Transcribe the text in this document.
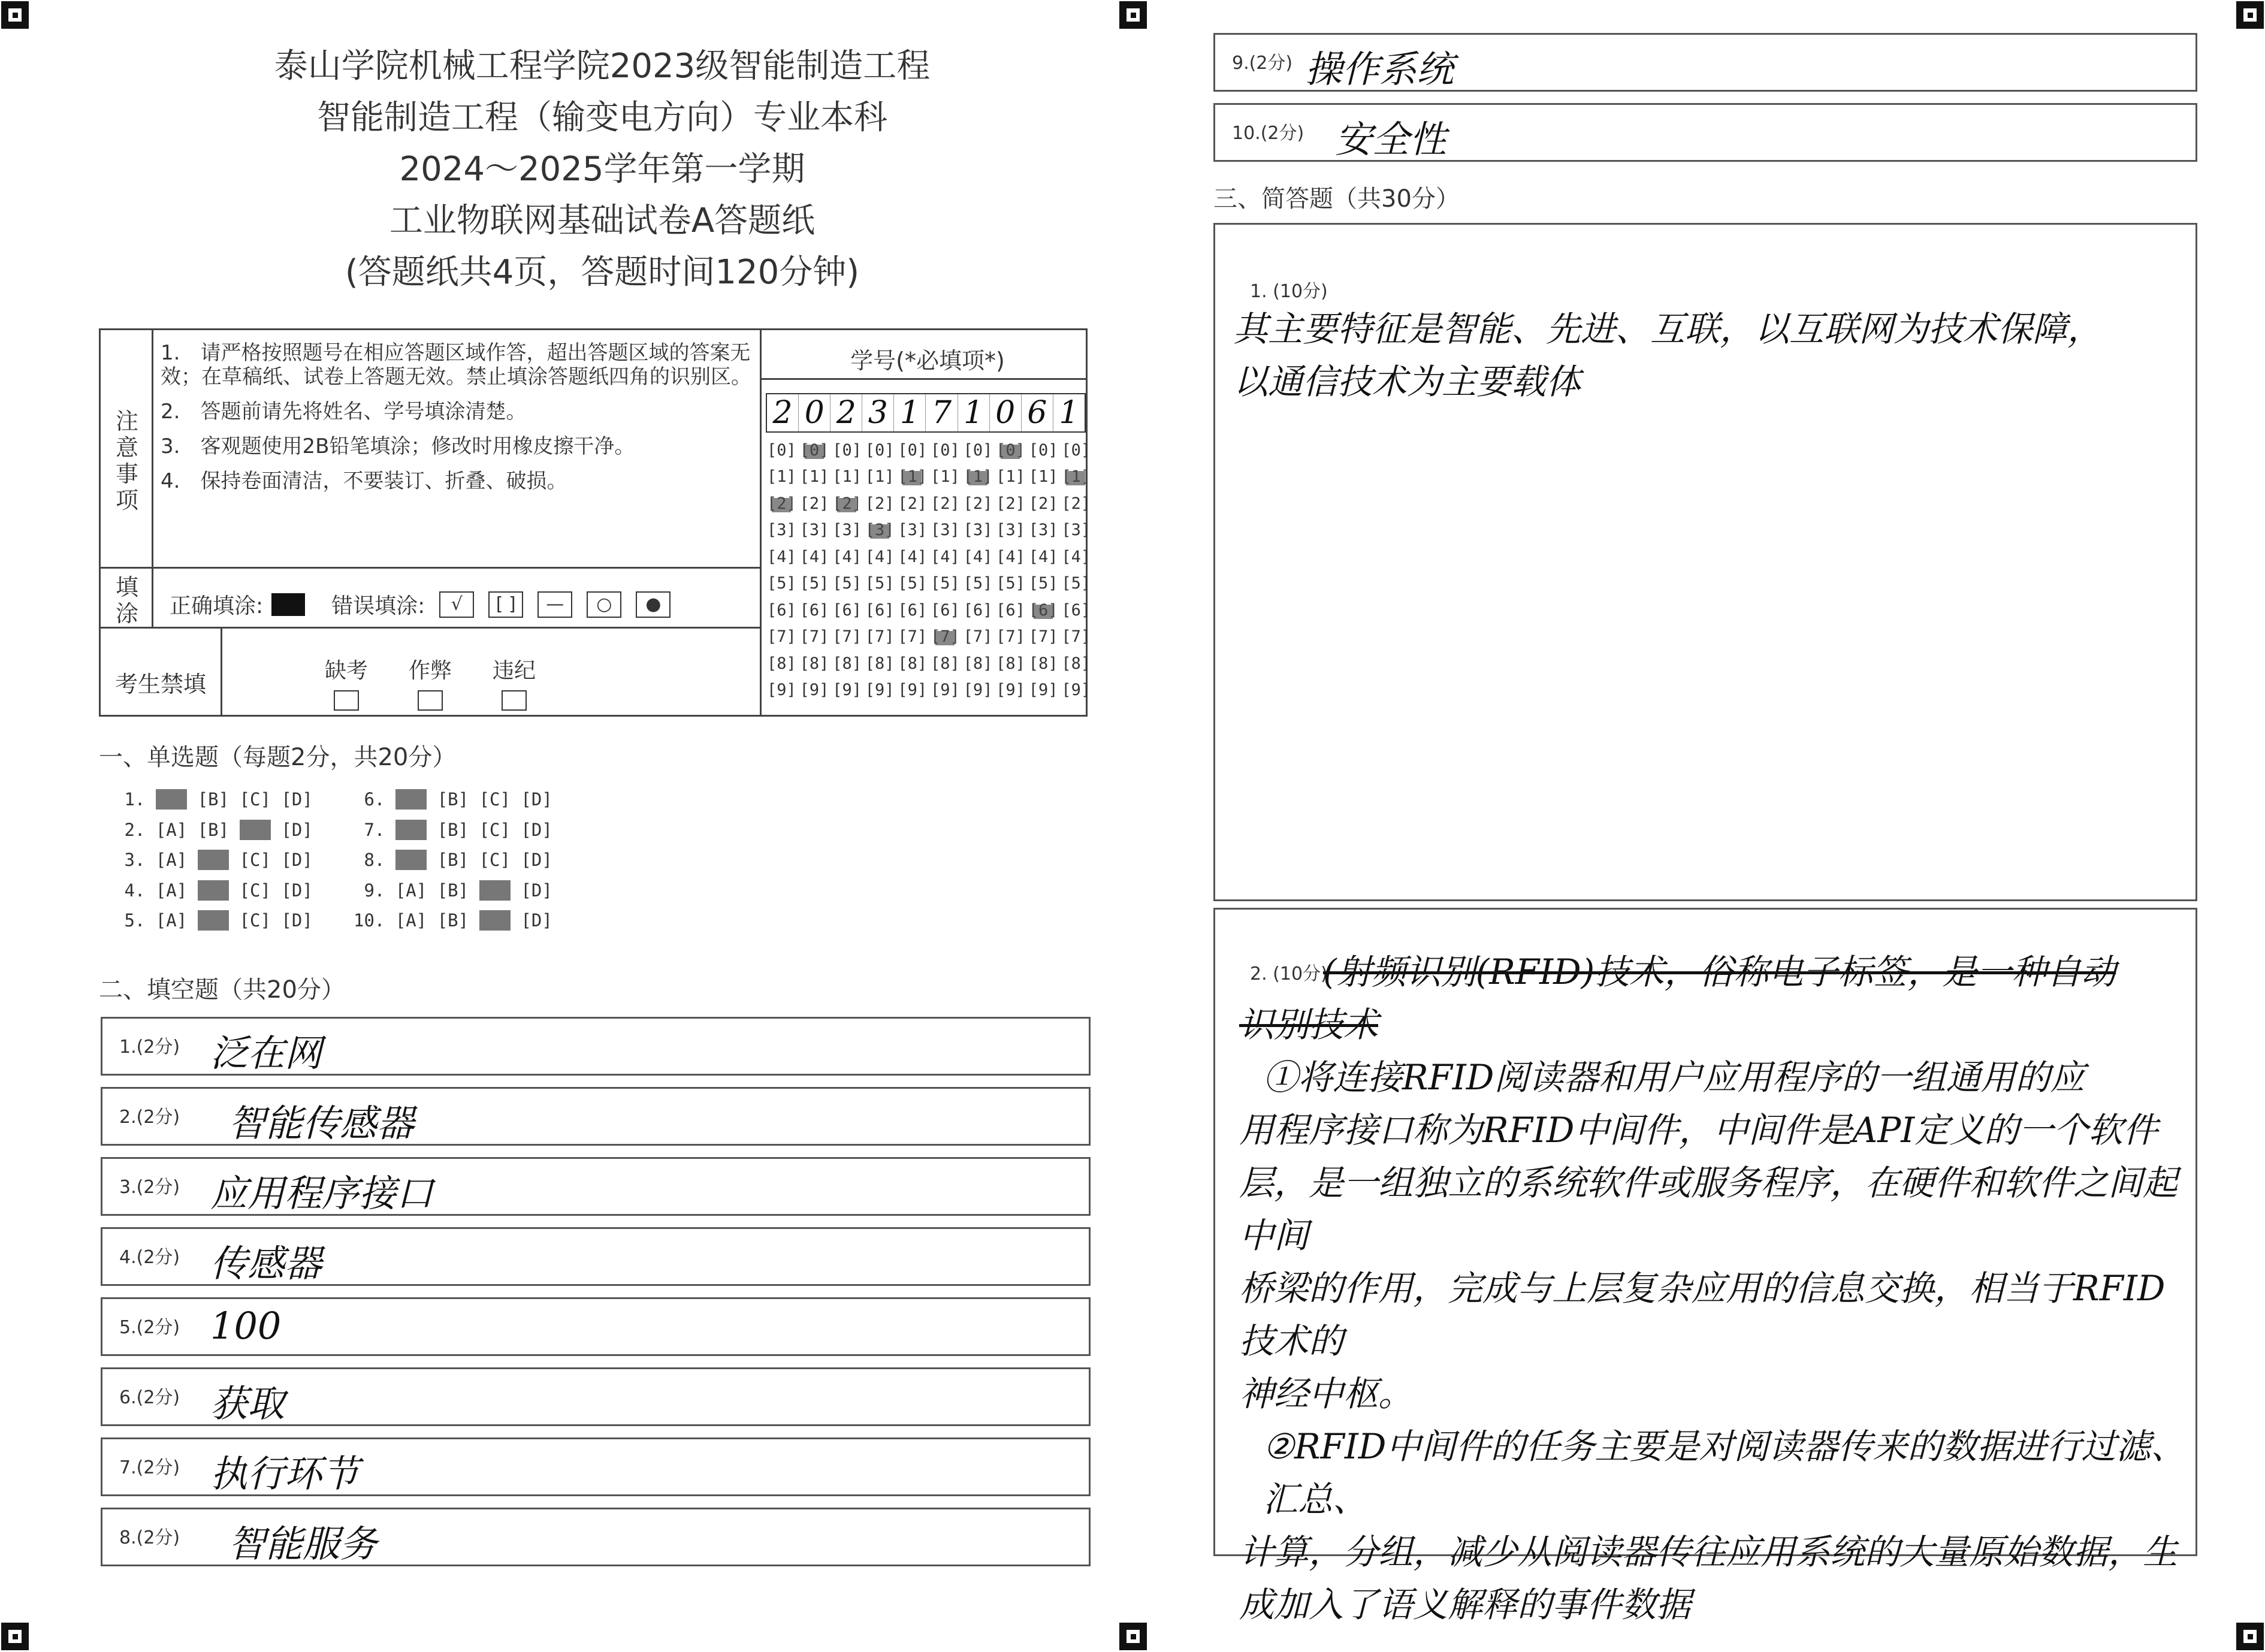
泰山学院机械工程学院2023级智能制造工程
智能制造工程（输变电方向）专业本科
2024～2025学年第一学期
工业物联网基础试卷A答题纸
(答题纸共4页，答题时间120分钟)
注意事项

1.　请严格按照题号在相应答题区域作答，超出答题区域的答案无效；在草稿纸、试卷上答题无效。禁止填涂答题纸四角的识别区。

2.　答题前请先将姓名、学号填涂清楚。

3.　客观题使用2B铅笔填涂；修改时用橡皮擦干净。

4.　保持卷面清洁，不要装订、折叠、破损。

填涂 正确填涂:	错误填涂:	√	[ ]	—	○	●
考生禁填
缺考	作弊	违纪
学号(*必填项*)
2 0 2 3 1 7 1 0 6 1
[0] [0] [0] [0] [0] [0] [0] [0] [0] [0]
[1] [1] [1] [1] [1] [1] [1] [1] [1] [1]
[2] [2] [2] [2] [2] [2] [2] [2] [2] [2]
[3] [3] [3] [3] [3] [3] [3] [3] [3] [3]
[4] [4] [4] [4] [4] [4] [4] [4] [4] [4]
[5] [5] [5] [5] [5] [5] [5] [5] [5] [5]
[6] [6] [6] [6] [6] [6] [6] [6] [6] [6]
[7] [7] [7] [7] [7] [7] [7] [7] [7] [7]
[8] [8] [8] [8] [8] [8] [8] [8] [8] [8]
[9] [9] [9] [9] [9] [9] [9] [9] [9] [9]
一、单选题（每题2分，共20分）
1. [A] [B] [C] [D]
2. [A] [B] [C] [D]
3. [A] [B] [C] [D]
4. [A] [B] [C] [D]
5. [A] [B] [C] [D]
6. [A] [B] [C] [D]
7. [A] [B] [C] [D]
8. [A] [B] [C] [D]
9. [A] [B] [C] [D]
10. [A] [B] [C] [D]
二、填空题（共20分）
1.(2分) 泛在网
2.(2分) 智能传感器
3.(2分) 应用程序接口
4.(2分) 传感器
5.(2分) 100
6.(2分) 获取
7.(2分) 执行环节
8.(2分) 智能服务
9.(2分) 操作系统
10.(2分) 安全性
三、简答题（共30分）
1. (10分)
其主要特征是智能、先进、互联，以互联网为技术保障，
以通信技术为主要载体
2. (10分)
(射频识别(RFID)技术，俗称电子标签，是一种自动
识别技术
①将连接RFID阅读器和用户应用程序的一组通用的应
用程序接口称为RFID中间件，中间件是API定义的一个软件
层，是一组独立的系统软件或服务程序，在硬件和软件之间起中间
桥梁的作用，完成与上层复杂应用的信息交换，相当于RFID技术的
神经中枢。
②RFID中间件的任务主要是对阅读器传来的数据进行过滤、汇总、
计算，分组，减少从阅读器传往应用系统的大量原始数据，生
成加入了语义解释的事件数据
